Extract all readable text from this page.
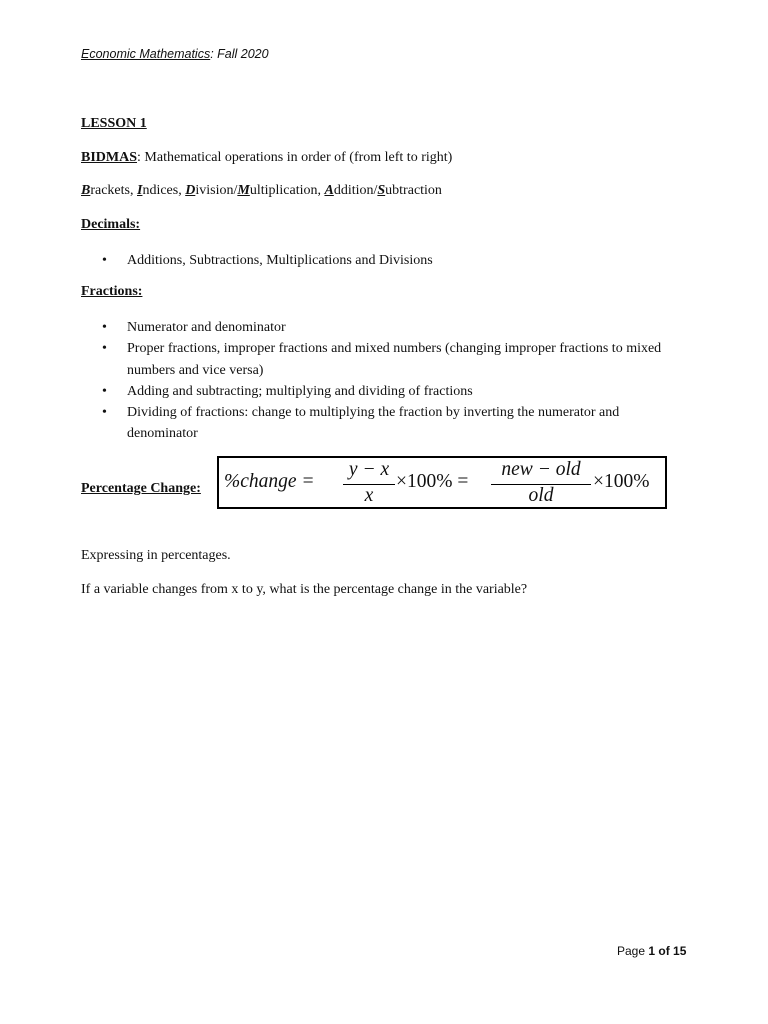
Economic Mathematics: Fall 2020
LESSON 1
BIDMAS: Mathematical operations in order of (from left to right)
Brackets, Indices, Division/Multiplication, Addition/Subtraction
Decimals:
• Additions, Subtractions, Multiplications and Divisions
Fractions:
• Numerator and denominator
• Proper fractions, improper fractions and mixed numbers (changing improper fractions to mixed numbers and vice versa)
• Adding and subtracting; multiplying and dividing of fractions
• Dividing of fractions: change to multiplying the fraction by inverting the numerator and denominator
Percentage Change: %change =
y − x
x
×100% =
new − old
old
×100%
Expressing in percentages.
If a variable changes from x to y, what is the percentage change in the variable?
Page 1 of 15
